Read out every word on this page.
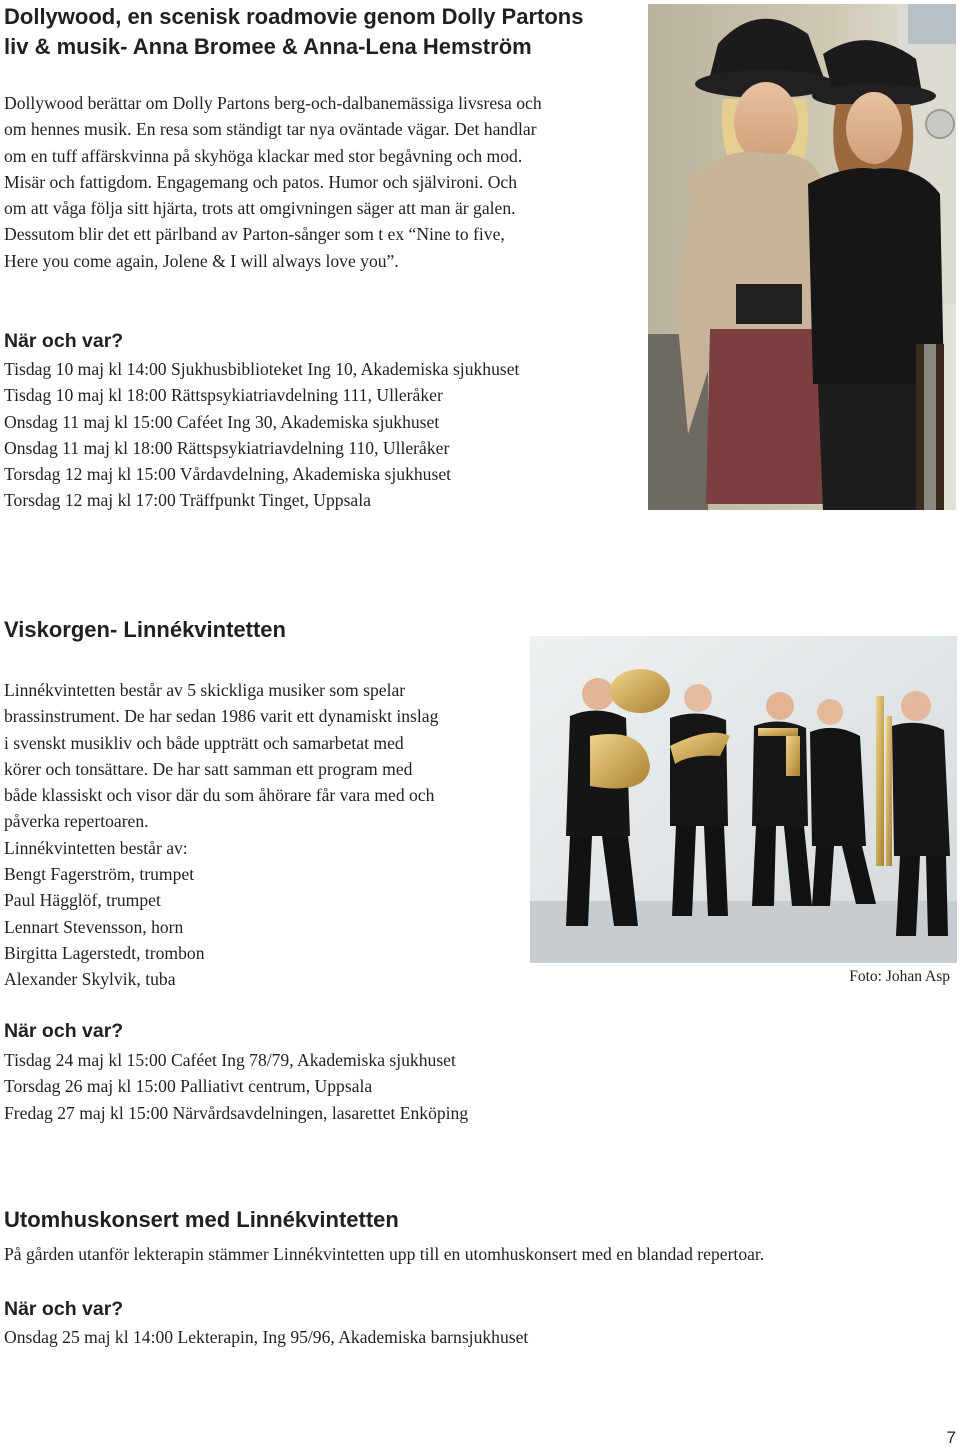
Dollywood, en scenisk roadmovie genom Dolly Partons
liv & musik- Anna Bromee & Anna-Lena Hemström

Dollywood berättar om Dolly Partons berg-och-dalbanemässiga livsresa och
om hennes musik. En resa som ständigt tar nya oväntade vägar. Det handlar
om en tuff affärskvinna på skyhöga klackar med stor begåvning och mod.
Misär och fattigdom. Engagemang och patos. Humor och självironi. Och
om att våga följa sitt hjärta, trots att omgivningen säger att man är galen.
Dessutom blir det ett pärlband av Parton-sånger som t ex “Nine to five,
Here you come again, Jolene & I will always love you”.

När och var?

Tisdag 10 maj kl 14:00 Sjukhusbiblioteket Ing 10, Akademiska sjukhuset
Tisdag 10 maj kl 18:00 Rättspsykiatriavdelning 111, Ulleråker
Onsdag 11 maj kl 15:00 Caféet Ing 30, Akademiska sjukhuset
Onsdag 11 maj kl 18:00 Rättspsykiatriavdelning 110, Ulleråker
Torsdag 12 maj kl 15:00 Vårdavdelning, Akademiska sjukhuset
Torsdag 12 maj kl 17:00 Träffpunkt Tinget, Uppsala

Viskorgen- Linnékvintetten

Linnékvintetten består av 5 skickliga musiker som spelar
brassinstrument. De har sedan 1986 varit ett dynamiskt inslag
i svenskt musikliv och både uppträtt och samarbetat med
körer och tonsättare. De har satt samman ett program med
både klassiskt och visor där du som åhörare får vara med och
påverka repertoaren.
Linnékvintetten består av:
Bengt Fagerström, trumpet
Paul Hägglöf, trumpet
Lennart Stevensson, horn
Birgitta Lagerstedt, trombon
Alexander Skylvik, tuba	Foto: Johan Asp
När och var?

Tisdag 24 maj kl 15:00 Caféet Ing 78/79, Akademiska sjukhuset
Torsdag 26 maj kl 15:00 Palliativt centrum, Uppsala
Fredag 27 maj kl 15:00 Närvårdsavdelningen, lasarettet Enköping

Utomhuskonsert med Linnékvintetten

På gården utanför lekterapin stämmer Linnékvintetten upp till en utomhuskonsert med en blandad repertoar.

När och var?

Onsdag 25 maj kl 14:00 Lekterapin, Ing 95/96, Akademiska barnsjukhuset

7
